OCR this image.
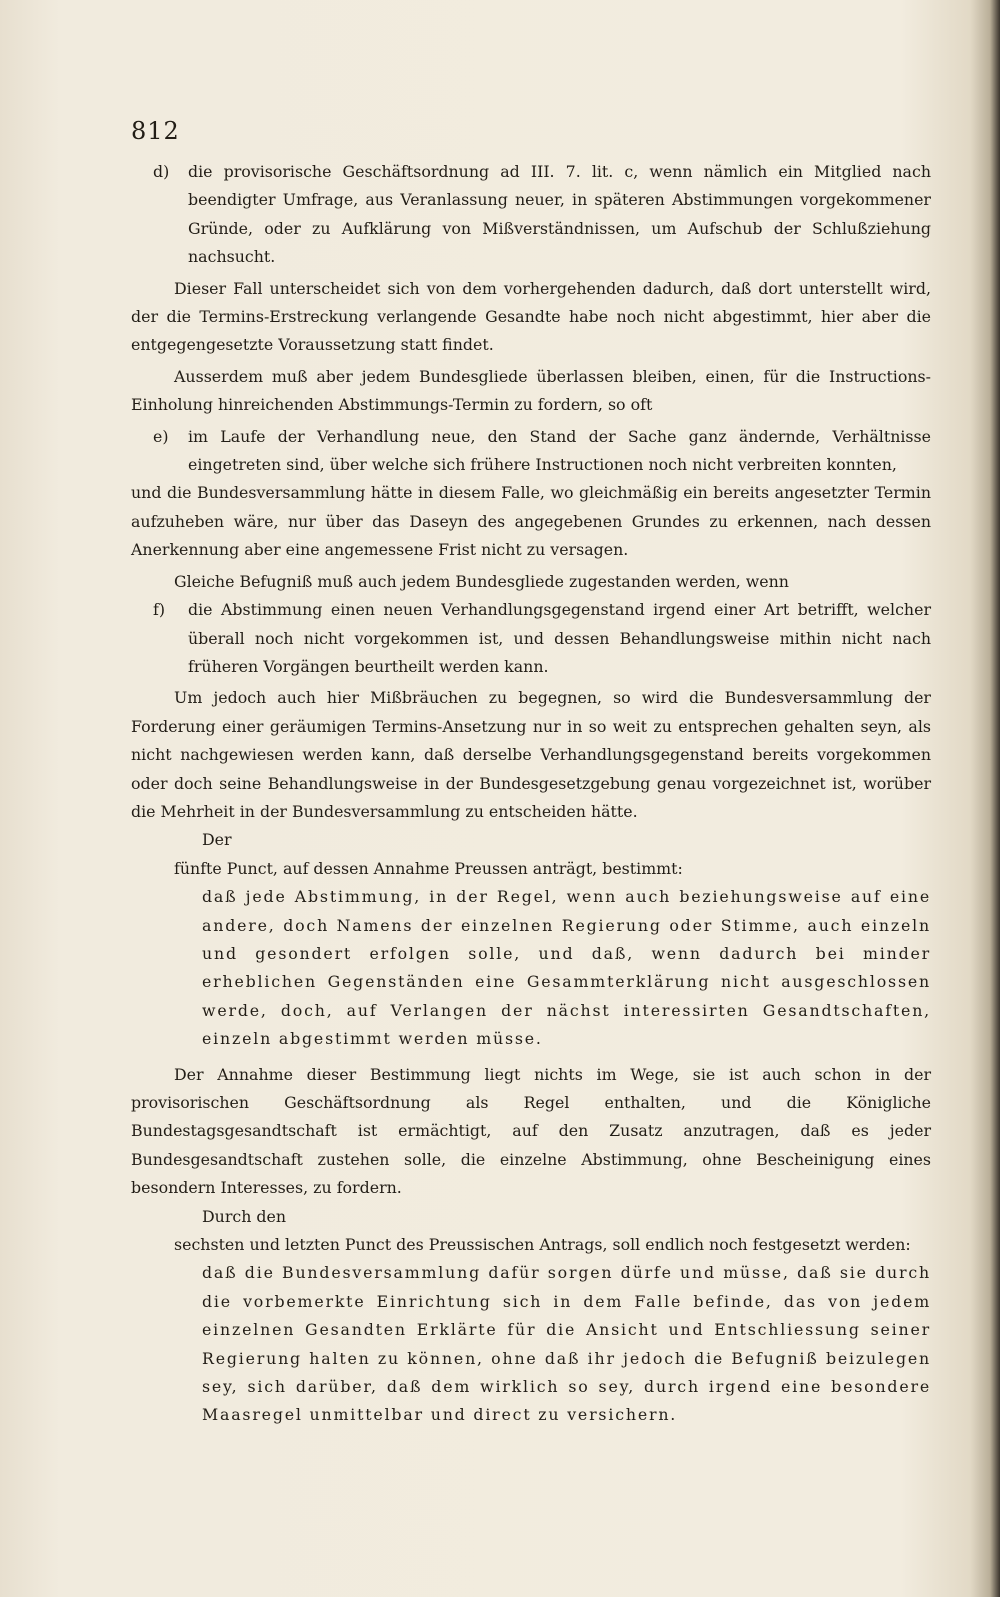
812
d) die provisorische Geschäftsordnung ad III. 7. lit. c, wenn nämlich ein Mitglied nach beendigter Umfrage, aus Veranlassung neuer, in späteren Abstimmungen vorgekommener Gründe, oder zu Aufklärung von Mißverständnissen, um Aufschub der Schlußziehung nachsucht.

Dieser Fall unterscheidet sich von dem vorhergehenden dadurch, daß dort unterstellt wird, der die Termins-Erstreckung verlangende Gesandte habe noch nicht abgestimmt, hier aber die entgegengesetzte Voraussetzung statt findet.

Ausserdem muß aber jedem Bundesgliede überlassen bleiben, einen, für die Instructions-Einholung hinreichenden Abstimmungs-Termin zu fordern, so oft

e) im Laufe der Verhandlung neue, den Stand der Sache ganz ändernde, Verhältnisse eingetreten sind, über welche sich frühere Instructionen noch nicht verbreiten konnten,

und die Bundesversammlung hätte in diesem Falle, wo gleichmäßig ein bereits angesetzter Termin aufzuheben wäre, nur über das Daseyn des angegebenen Grundes zu erkennen, nach dessen Anerkennung aber eine angemessene Frist nicht zu versagen.

Gleiche Befugniß muß auch jedem Bundesgliede zugestanden werden, wenn

f) die Abstimmung einen neuen Verhandlungsgegenstand irgend einer Art betrifft, welcher überall noch nicht vorgekommen ist, und dessen Behandlungsweise mithin nicht nach früheren Vorgängen beurtheilt werden kann.

Um jedoch auch hier Mißbräuchen zu begegnen, so wird die Bundesversammlung der Forderung einer geräumigen Termins-Ansetzung nur in so weit zu entsprechen gehalten seyn, als nicht nachgewiesen werden kann, daß derselbe Verhandlungsgegenstand bereits vorgekommen oder doch seine Behandlungsweise in der Bundesgesetzgebung genau vorgezeichnet ist, worüber die Mehrheit in der Bundesversammlung zu entscheiden hätte.

Der

fünfte Punct, auf dessen Annahme Preussen anträgt, bestimmt:

daß jede Abstimmung, in der Regel, wenn auch beziehungsweise auf eine andere, doch Namens der einzelnen Regierung oder Stimme, auch einzeln und gesondert erfolgen solle, und daß, wenn dadurch bei minder erheblichen Gegenständen eine Gesammterklärung nicht ausgeschlossen werde, doch, auf Verlangen der nächst interessirten Gesandtschaften, einzeln abgestimmt werden müsse.

Der Annahme dieser Bestimmung liegt nichts im Wege, sie ist auch schon in der provisorischen Geschäftsordnung als Regel enthalten, und die Königliche Bundestagsgesandtschaft ist ermächtigt, auf den Zusatz anzutragen, daß es jeder Bundesgesandtschaft zustehen solle, die einzelne Abstimmung, ohne Bescheinigung eines besondern Interesses, zu fordern.

Durch den

sechsten und letzten Punct des Preussischen Antrags, soll endlich noch festgesetzt werden:

daß die Bundesversammlung dafür sorgen dürfe und müsse, daß sie durch die vorbemerkte Einrichtung sich in dem Falle befinde, das von jedem einzelnen Gesandten Erklärte für die Ansicht und Entschliessung seiner Regierung halten zu können, ohne daß ihr jedoch die Befugniß beizulegen sey, sich darüber, daß dem wirklich so sey, durch irgend eine besondere Maasregel unmittelbar und direct zu versichern.
